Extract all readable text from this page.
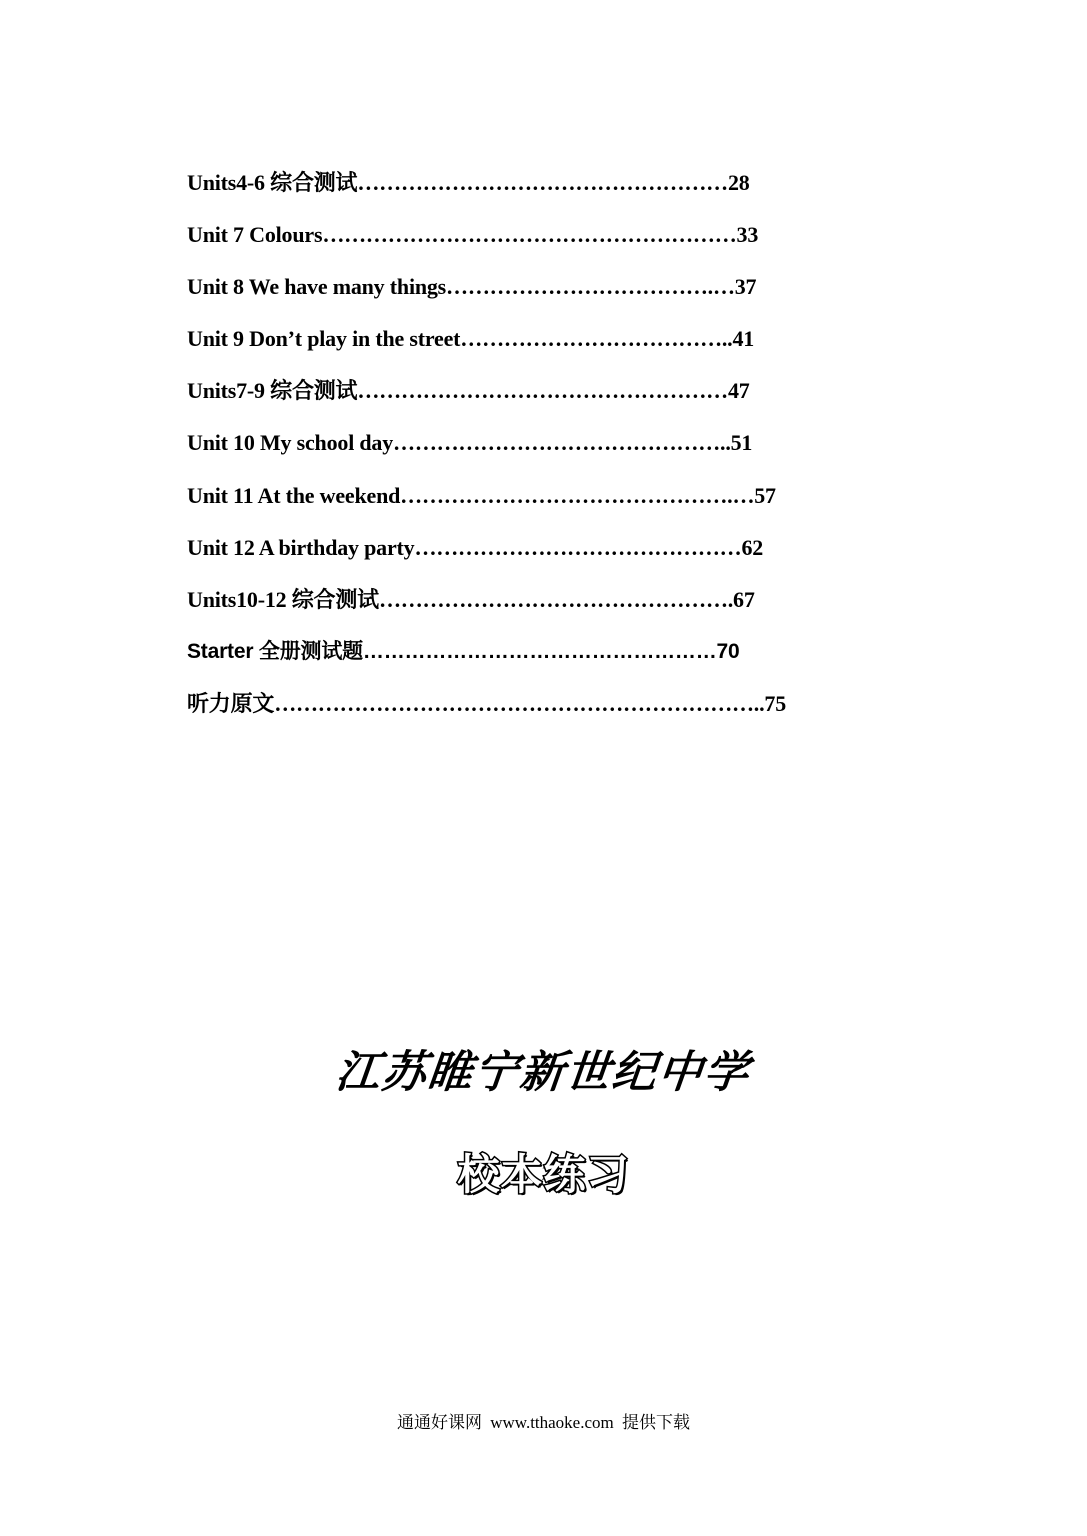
Units4-6 综合测试……………………………………………28
Unit 7 Colours…………………………………………………33
Unit 8 We have many things……………………………….…37
Unit 9 Don’t play in the street………………………………..41
Units7-9 综合测试……………………………………………47
Unit 10 My school day………………………………………..51
Unit 11 At the weekend……………………………………….…57
Unit 12 A birthday party………………………………………62
Units10-12 综合测试………………………………………….67
Starter 全册测试题……………………………………………70
听力原文…………………………………………………………..75
江苏睢宁新世纪中学
校本练习
通通好课网 www.tthaoke.com 提供下载
